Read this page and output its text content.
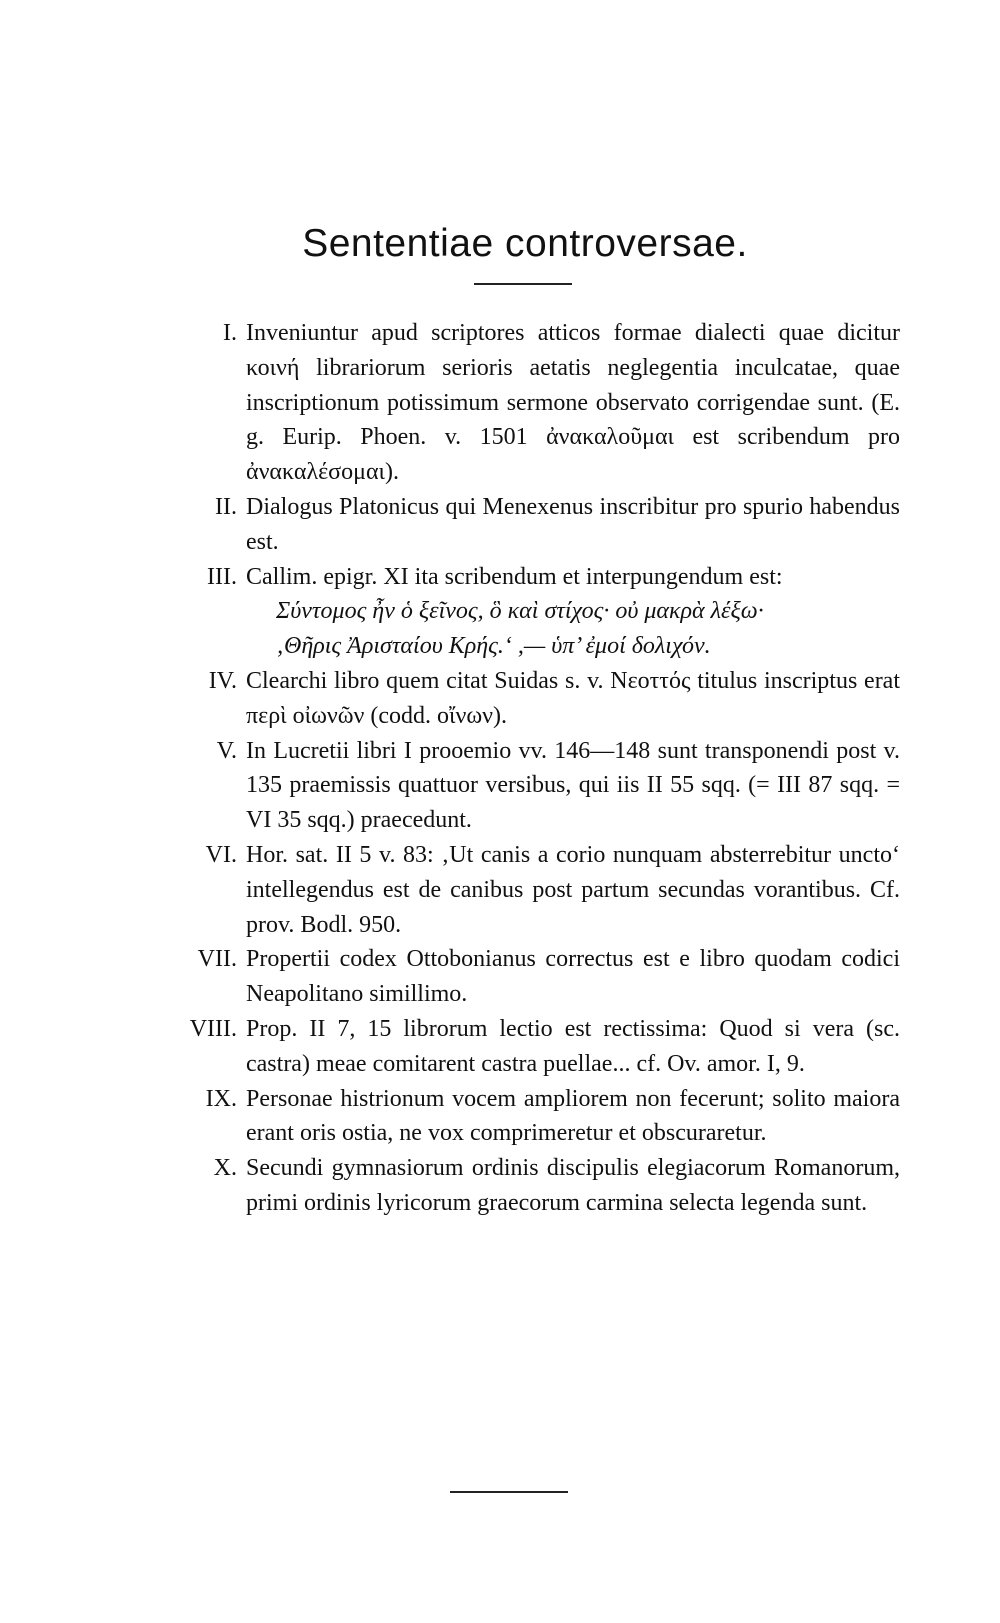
Sententiae controversae.
I. Inveniuntur apud scriptores atticos formae dialecti quae dicitur κοινή librariorum serioris aetatis neglegentia inculcatae, quae inscriptionum potissimum sermone observato corrigendae sunt. (E. g. Eurip. Phoen. v. 1501 ἀνακαλοῦμαι est scribendum pro ἀνακαλέσομαι).
II. Dialogus Platonicus qui Menexenus inscribitur pro spurio habendus est.
III. Callim. epigr. XI ita scribendum et interpungendum est:
Σύντομος ἦν ὁ ξεῖνος, ὃ καὶ στίχος· οὐ μακρὰ λέξω·
‚Θῆρις Ἀρισταίου Κρής.‘ ,— ὑπ’ ἐμοί δολιχόν.
IV. Clearchi libro quem citat Suidas s. v. Νεοττός titulus inscriptus erat περὶ οἰωνῶν (codd. οἴνων).
V. In Lucretii libri I prooemio vv. 146—148 sunt transponendi post v. 135 praemissis quattuor versibus, qui iis II 55 sqq. (= III 87 sqq. = VI 35 sqq.) praecedunt.
VI. Hor. sat. II 5 v. 83: ‚Ut canis a corio nunquam absterrebitur uncto‘ intellegendus est de canibus post partum secundas vorantibus. Cf. prov. Bodl. 950.
VII. Propertii codex Ottobonianus correctus est e libro quodam codici Neapolitano simillimo.
VIII. Prop. II 7, 15 librorum lectio est rectissima: Quod si vera (sc. castra) meae comitarent castra puellae... cf. Ov. amor. I, 9.
IX. Personae histrionum vocem ampliorem non fecerunt; solito maiora erant oris ostia, ne vox comprimeretur et obscuraretur.
X. Secundi gymnasiorum ordinis discipulis elegiacorum Romanorum, primi ordinis lyricorum graecorum carmina selecta legenda sunt.
